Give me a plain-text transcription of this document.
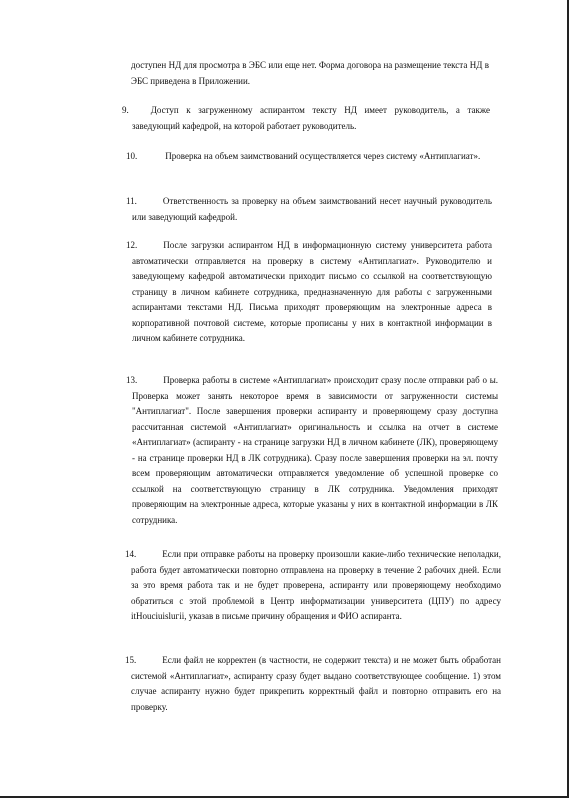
доступен НД для просмотра в ЭБС или еще нет. Форма договора на размещение текста НД в ЭБС приведена в Приложении.
9. Доступ к загруженному аспирантом тексту НД имеет руководитель, а также заведующий кафедрой, на которой работает руководитель.
10.	Проверка на объем заимствований осуществляется через систему «Антиплагиат».
11.	Ответственность за проверку на объем заимствований несет научный руководитель или заведующий кафедрой.
12.	После загрузки аспирантом НД в информационную систему университета работа автоматически отправляется на проверку в систему «Антиплагиат». Руководителю и заведующему кафедрой автоматически приходит письмо со ссылкой на соответствующую страницу в личном кабинете сотрудника, предназначенную для работы с загруженными аспирантами текстами НД. Письма приходят проверяющим на электронные адреса в корпоративной почтовой системе, которые прописаны у них в контактной информации в личном кабинете сотрудника.
13.	Проверка работы в системе «Антиплагиат» происходит сразу после отправки раб о ы. Проверка может занять некоторое время в зависимости от загруженности системы "Антиплагиат". После завершения проверки аспиранту и проверяющему сразу доступна рассчитанная системой «Антиплагиат» оригинальность и ссылка на отчет в системе «Антиплагиат» (аспиранту - на странице загрузки НД в личном кабинете (ЛК), проверяющему - на странице проверки НД в ЛК сотрудника). Сразу после завершения проверки на эл. почту всем проверяющим автоматически отправляется уведомление об успешной проверке со ссылкой на соответствующую страницу в ЛК сотрудника. Уведомления приходят проверяющим на электронные адреса, которые указаны у них в контактной информации в ЛК сотрудника.
14.	Если при отправке работы на проверку произошли какие-либо технические неполадки, работа будет автоматически повторно отправлена на проверку в течение 2 рабочих дней. Если за это время работа так и не будет проверена, аспиранту или проверяющему необходимо обратиться с этой проблемой в Центр информатизации университета (ЦПУ) по адресу itHouciuisluгii, указав в письме причину обращения и ФИО аспиранта.
15.	Если файл не корректен (в частности, не содержит текста) и не может быть обработан системой «Антиплагиат», аспиранту сразу будет выдано соответствующее сообщение. 1) этом случае аспиранту нужно будет прикрепить корректный файл и повторно отправить его на проверку.
